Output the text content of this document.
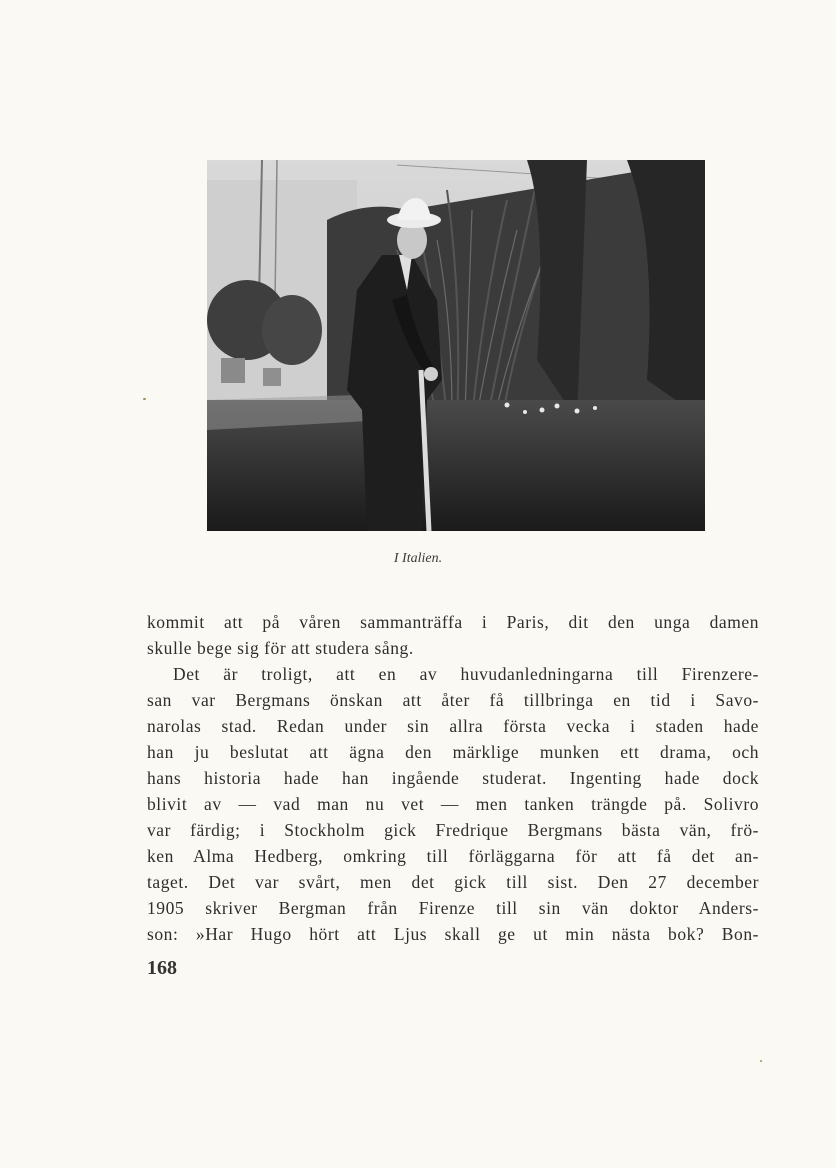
I Italien.
kommit att på våren sammanträffa i Paris, dit den unga damen
skulle bege sig för att studera sång.
Det är troligt, att en av huvudanledningarna till Firenzere-
san var Bergmans önskan att åter få tillbringa en tid i Savo-
narolas stad. Redan under sin allra första vecka i staden hade
han ju beslutat att ägna den märklige munken ett drama, och
hans historia hade han ingående studerat. Ingenting hade dock
blivit av — vad man nu vet — men tanken trängde på. Solivro
var färdig; i Stockholm gick Fredrique Bergmans bästa vän, frö-
ken Alma Hedberg, omkring till förläggarna för att få det an-
taget. Det var svårt, men det gick till sist. Den 27 december
1905 skriver Bergman från Firenze till sin vän doktor Anders-
son: »Har Hugo hört att Ljus skall ge ut min nästa bok? Bon-
168
